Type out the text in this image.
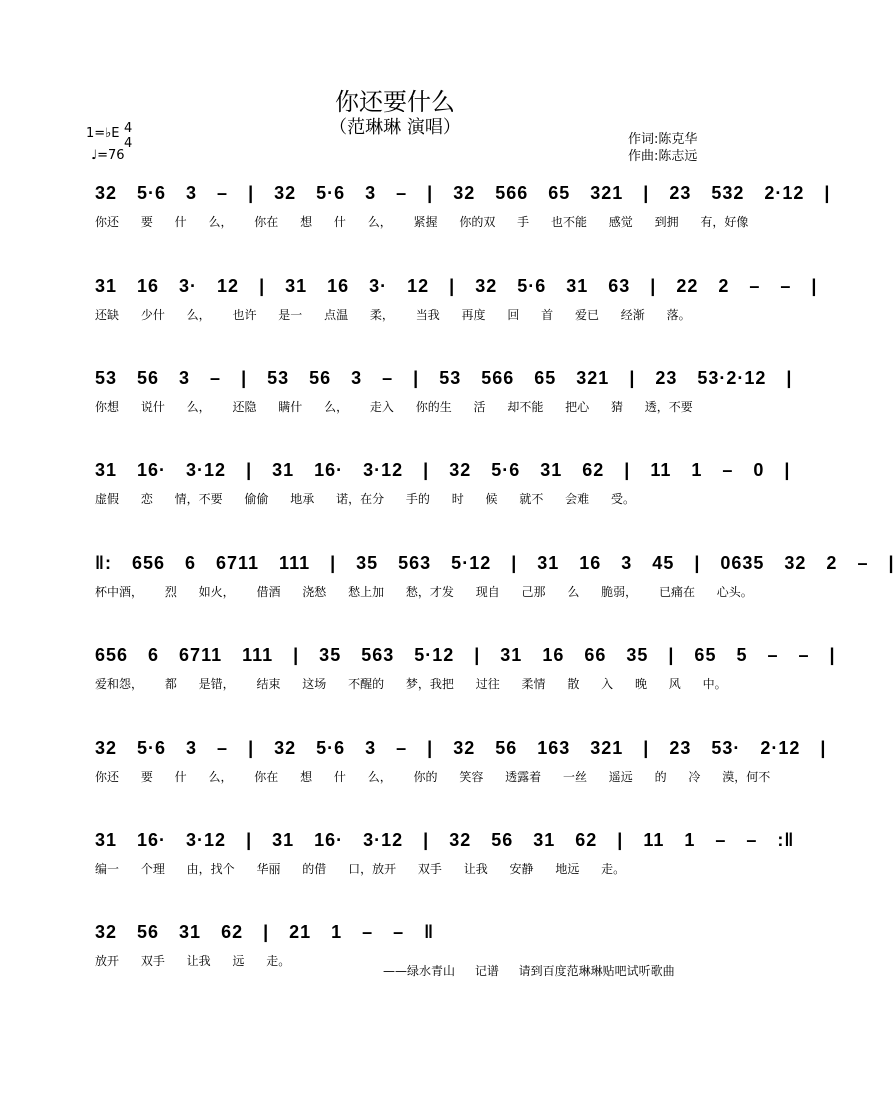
你还要什么
（范琳琳 演唱）
1=♭E 4
4
♩=76
作词:陈克华
作曲:陈志远
32 5·6 3 – | 32 5·6 3 – | 32 566 65 321 | 23 532 2·12 |
你还 要 什 么， 你在 想 什 么， 紧握 你的双 手 也不能 感觉 到拥 有，好像
31 16 3· 12 | 31 16 3· 12 | 32 5·6 31 63 | 22 2 – – |
还缺 少什 么， 也许 是一 点温 柔， 当我 再度 回 首 爱已 经渐 落。
53 56 3 – | 53 56 3 – | 53 566 65 321 | 23 53·2·12 |
你想 说什 么， 还隐 瞒什 么， 走入 你的生 活 却不能 把心 猜 透，不要
31 16· 3·12 | 31 16· 3·12 | 32 5·6 31 62 | 11 1 – 0 |
虚假 恋 情，不要 偷偷 地承 诺，在分 手的 时 候 就不 会难 受。
‖: 656 6 6711 111 | 35 563 5·12 | 31 16 3 45 | 0635 32 2 – |
杯中酒， 烈 如火， 借酒 浇愁 愁上加 愁，才发 现自 己那 么 脆弱， 已痛在 心头。
656 6 6711 111 | 35 563 5·12 | 31 16 66 35 | 65 5 – – |
爱和怨， 都 是错， 结束 这场 不醒的 梦，我把 过往 柔情 散 入 晚 风 中。
32 5·6 3 – | 32 5·6 3 – | 32 56 163 321 | 23 53· 2·12 |
你还 要 什 么， 你在 想 什 么， 你的 笑容 透露着 一丝 遥远 的 冷 漠，何不
31 16· 3·12 | 31 16· 3·12 | 32 56 31 62 | 11 1 – – :‖
编一 个理 由，找个 华丽 的借 口，放开 双手 让我 安静 地远 走。
32 56 31 62 | 21 1 – – ‖
放开 双手 让我 远 走。
——绿水青山 记谱 请到百度范琳琳贴吧试听歌曲
